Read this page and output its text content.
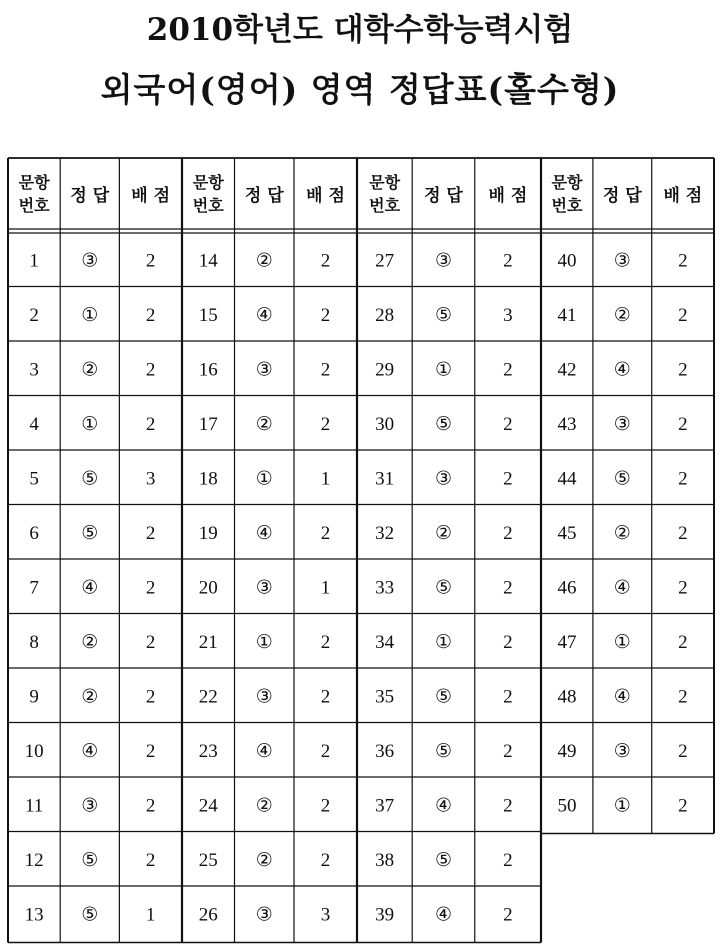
2010학년도 대학수학능력시험
외국어(영어) 영역 정답표(홀수형)
문항
번호 정 답 배 점
1 ③	2
2 ①	2
3 ②	2
4 ①	2
5 ⑤	3
6 ⑤	2
7 ④	2
8 ②	2
9 ②	2
10 ④	2
11 ③	2
12 ⑤	2
13 ⑤	1
문항
번호 정 답 배 점
14 ②	2
15 ④	2
16 ③	2
17 ②	2
18 ①	1
19 ④	2
20 ③	1
21 ①	2
22 ③	2
23 ④	2
24 ②	2
25 ②	2
26 ③	3
문항
번호 정 답 배 점
27 ③	2
28 ⑤	3
29 ①	2
30 ⑤	2
31 ③	2
32 ②	2
33 ⑤	2
34 ①	2
35 ⑤	2
36 ⑤	2
37 ④	2
38 ⑤	2
39 ④	2
문항
번호 정 답 배 점
40 ③ 2
41 ② 2
42 ④ 2
43 ③ 2
44 ⑤ 2
45 ② 2
46 ④ 2
47 ① 2
48 ④ 2
49 ③ 2
50 ① 2
